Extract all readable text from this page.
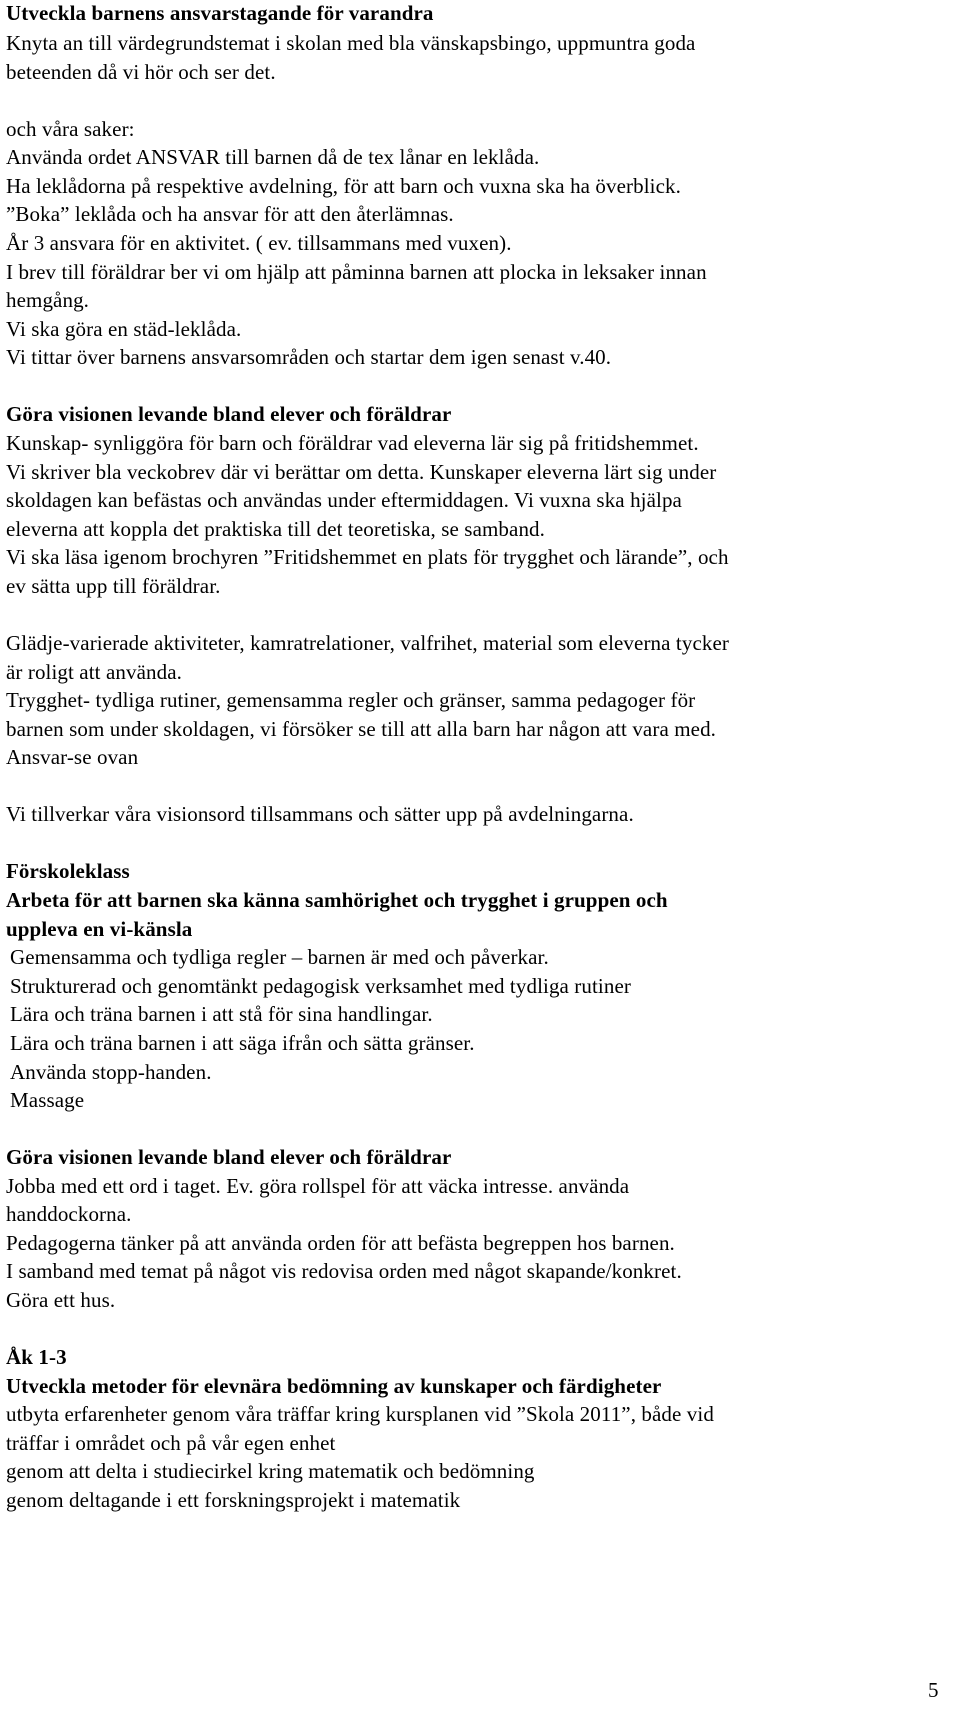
Utveckla barnens ansvarstagande för varandra

Knyta an till värdegrundstemat i skolan med bla vänskapsbingo, uppmuntra goda

beteenden då vi hör och ser det.

och våra saker:

Använda ordet ANSVAR till barnen då de tex lånar en leklåda.

Ha leklådorna på respektive avdelning, för att barn och vuxna ska ha överblick.

”Boka” leklåda och ha ansvar för att den återlämnas.

År 3 ansvara för en aktivitet. ( ev. tillsammans med vuxen).

I brev till föräldrar ber vi om hjälp att påminna barnen att plocka in leksaker innan

hemgång.

Vi ska göra en städ-leklåda.

Vi tittar över barnens ansvarsområden och startar dem igen senast v.40.

Göra visionen levande bland elever och föräldrar

Kunskap- synliggöra för barn och föräldrar vad eleverna lär sig på fritidshemmet.

Vi skriver bla veckobrev där vi berättar om detta. Kunskaper eleverna lärt sig under

skoldagen kan befästas och användas under eftermiddagen. Vi vuxna ska hjälpa

eleverna att koppla det praktiska till det teoretiska, se samband.

Vi ska läsa igenom brochyren ”Fritidshemmet en plats för trygghet och lärande”, och

ev sätta upp till föräldrar.

Glädje-varierade aktiviteter, kamratrelationer, valfrihet, material som eleverna tycker

är roligt att använda.

Trygghet- tydliga rutiner, gemensamma regler och gränser, samma pedagoger för

barnen som under skoldagen, vi försöker se till att alla barn har någon att vara med.

Ansvar-se ovan

Vi tillverkar våra visionsord tillsammans och sätter upp på avdelningarna.

Förskoleklass

Arbeta för att barnen ska känna samhörighet och trygghet i gruppen och

uppleva en vi-känsla

Gemensamma och tydliga regler – barnen är med och påverkar.

Strukturerad och genomtänkt pedagogisk verksamhet med tydliga rutiner

Lära och träna barnen i att stå för sina handlingar.

Lära och träna barnen i att säga ifrån och sätta gränser.

Använda stopp-handen.

Massage

Göra visionen levande bland elever och föräldrar

Jobba med ett ord i taget. Ev. göra rollspel för att väcka intresse. använda

handdockorna.

Pedagogerna tänker på att använda orden för att befästa begreppen hos barnen.

I samband med temat på något vis redovisa orden med något skapande/konkret.

Göra ett hus.

Åk 1-3

Utveckla metoder för elevnära bedömning av kunskaper och färdigheter

utbyta erfarenheter genom våra träffar kring kursplanen vid ”Skola 2011”, både vid

träffar i området och på vår egen enhet

genom att delta i studiecirkel kring matematik och bedömning

genom deltagande i ett forskningsprojekt i matematik

5
